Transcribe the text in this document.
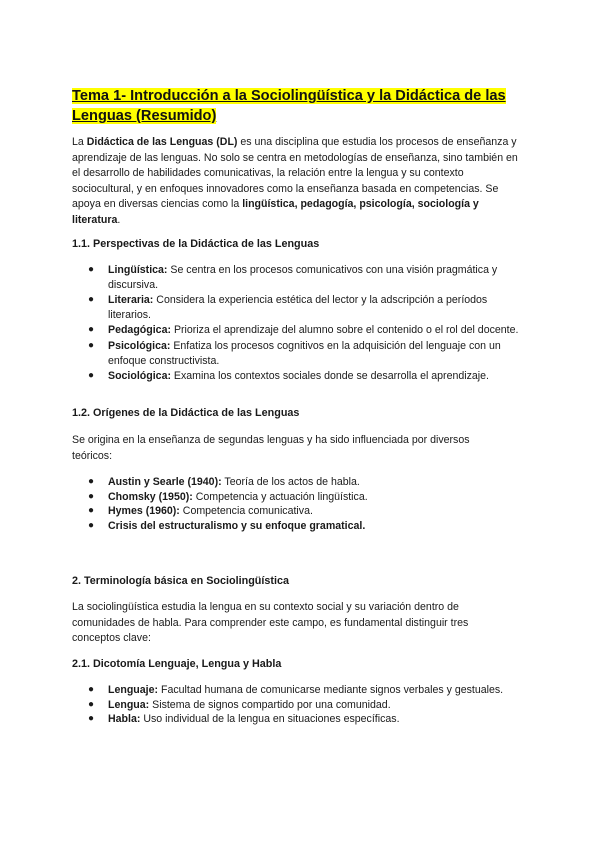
Tema 1- Introducción a la Sociolingüística y la Didáctica de las Lenguas (Resumido)

La Didáctica de las Lenguas (DL) es una disciplina que estudia los procesos de enseñanza y aprendizaje de las lenguas. No solo se centra en metodologías de enseñanza, sino también en el desarrollo de habilidades comunicativas, la relación entre la lengua y su contexto sociocultural, y en enfoques innovadores como la enseñanza basada en competencias. Se apoya en diversas ciencias como la lingüística, pedagogía, psicología, sociología y literatura.

1.1. Perspectivas de la Didáctica de las Lenguas
● Lingüística: Se centra en los procesos comunicativos con una visión pragmática y discursiva.
● Literaria: Considera la experiencia estética del lector y la adscripción a períodos literarios.
● Pedagógica: Prioriza el aprendizaje del alumno sobre el contenido o el rol del docente.
● Psicológica: Enfatiza los procesos cognitivos en la adquisición del lenguaje con un enfoque constructivista.
● Sociológica: Examina los contextos sociales donde se desarrolla el aprendizaje.
1.2. Orígenes de la Didáctica de las Lenguas

Se origina en la enseñanza de segundas lenguas y ha sido influenciada por diversos teóricos:

● Austin y Searle (1940): Teoría de los actos de habla.
● Chomsky (1950): Competencia y actuación lingüística.
● Hymes (1960): Competencia comunicativa.
● Crisis del estructuralismo y su enfoque gramatical.
2. Terminología básica en Sociolingüística

La sociolingüística estudia la lengua en su contexto social y su variación dentro de comunidades de habla. Para comprender este campo, es fundamental distinguir tres conceptos clave:

2.1. Dicotomía Lenguaje, Lengua y Habla
● Lenguaje: Facultad humana de comunicarse mediante signos verbales y gestuales.
● Lengua: Sistema de signos compartido por una comunidad.
● Habla: Uso individual de la lengua en situaciones específicas.
